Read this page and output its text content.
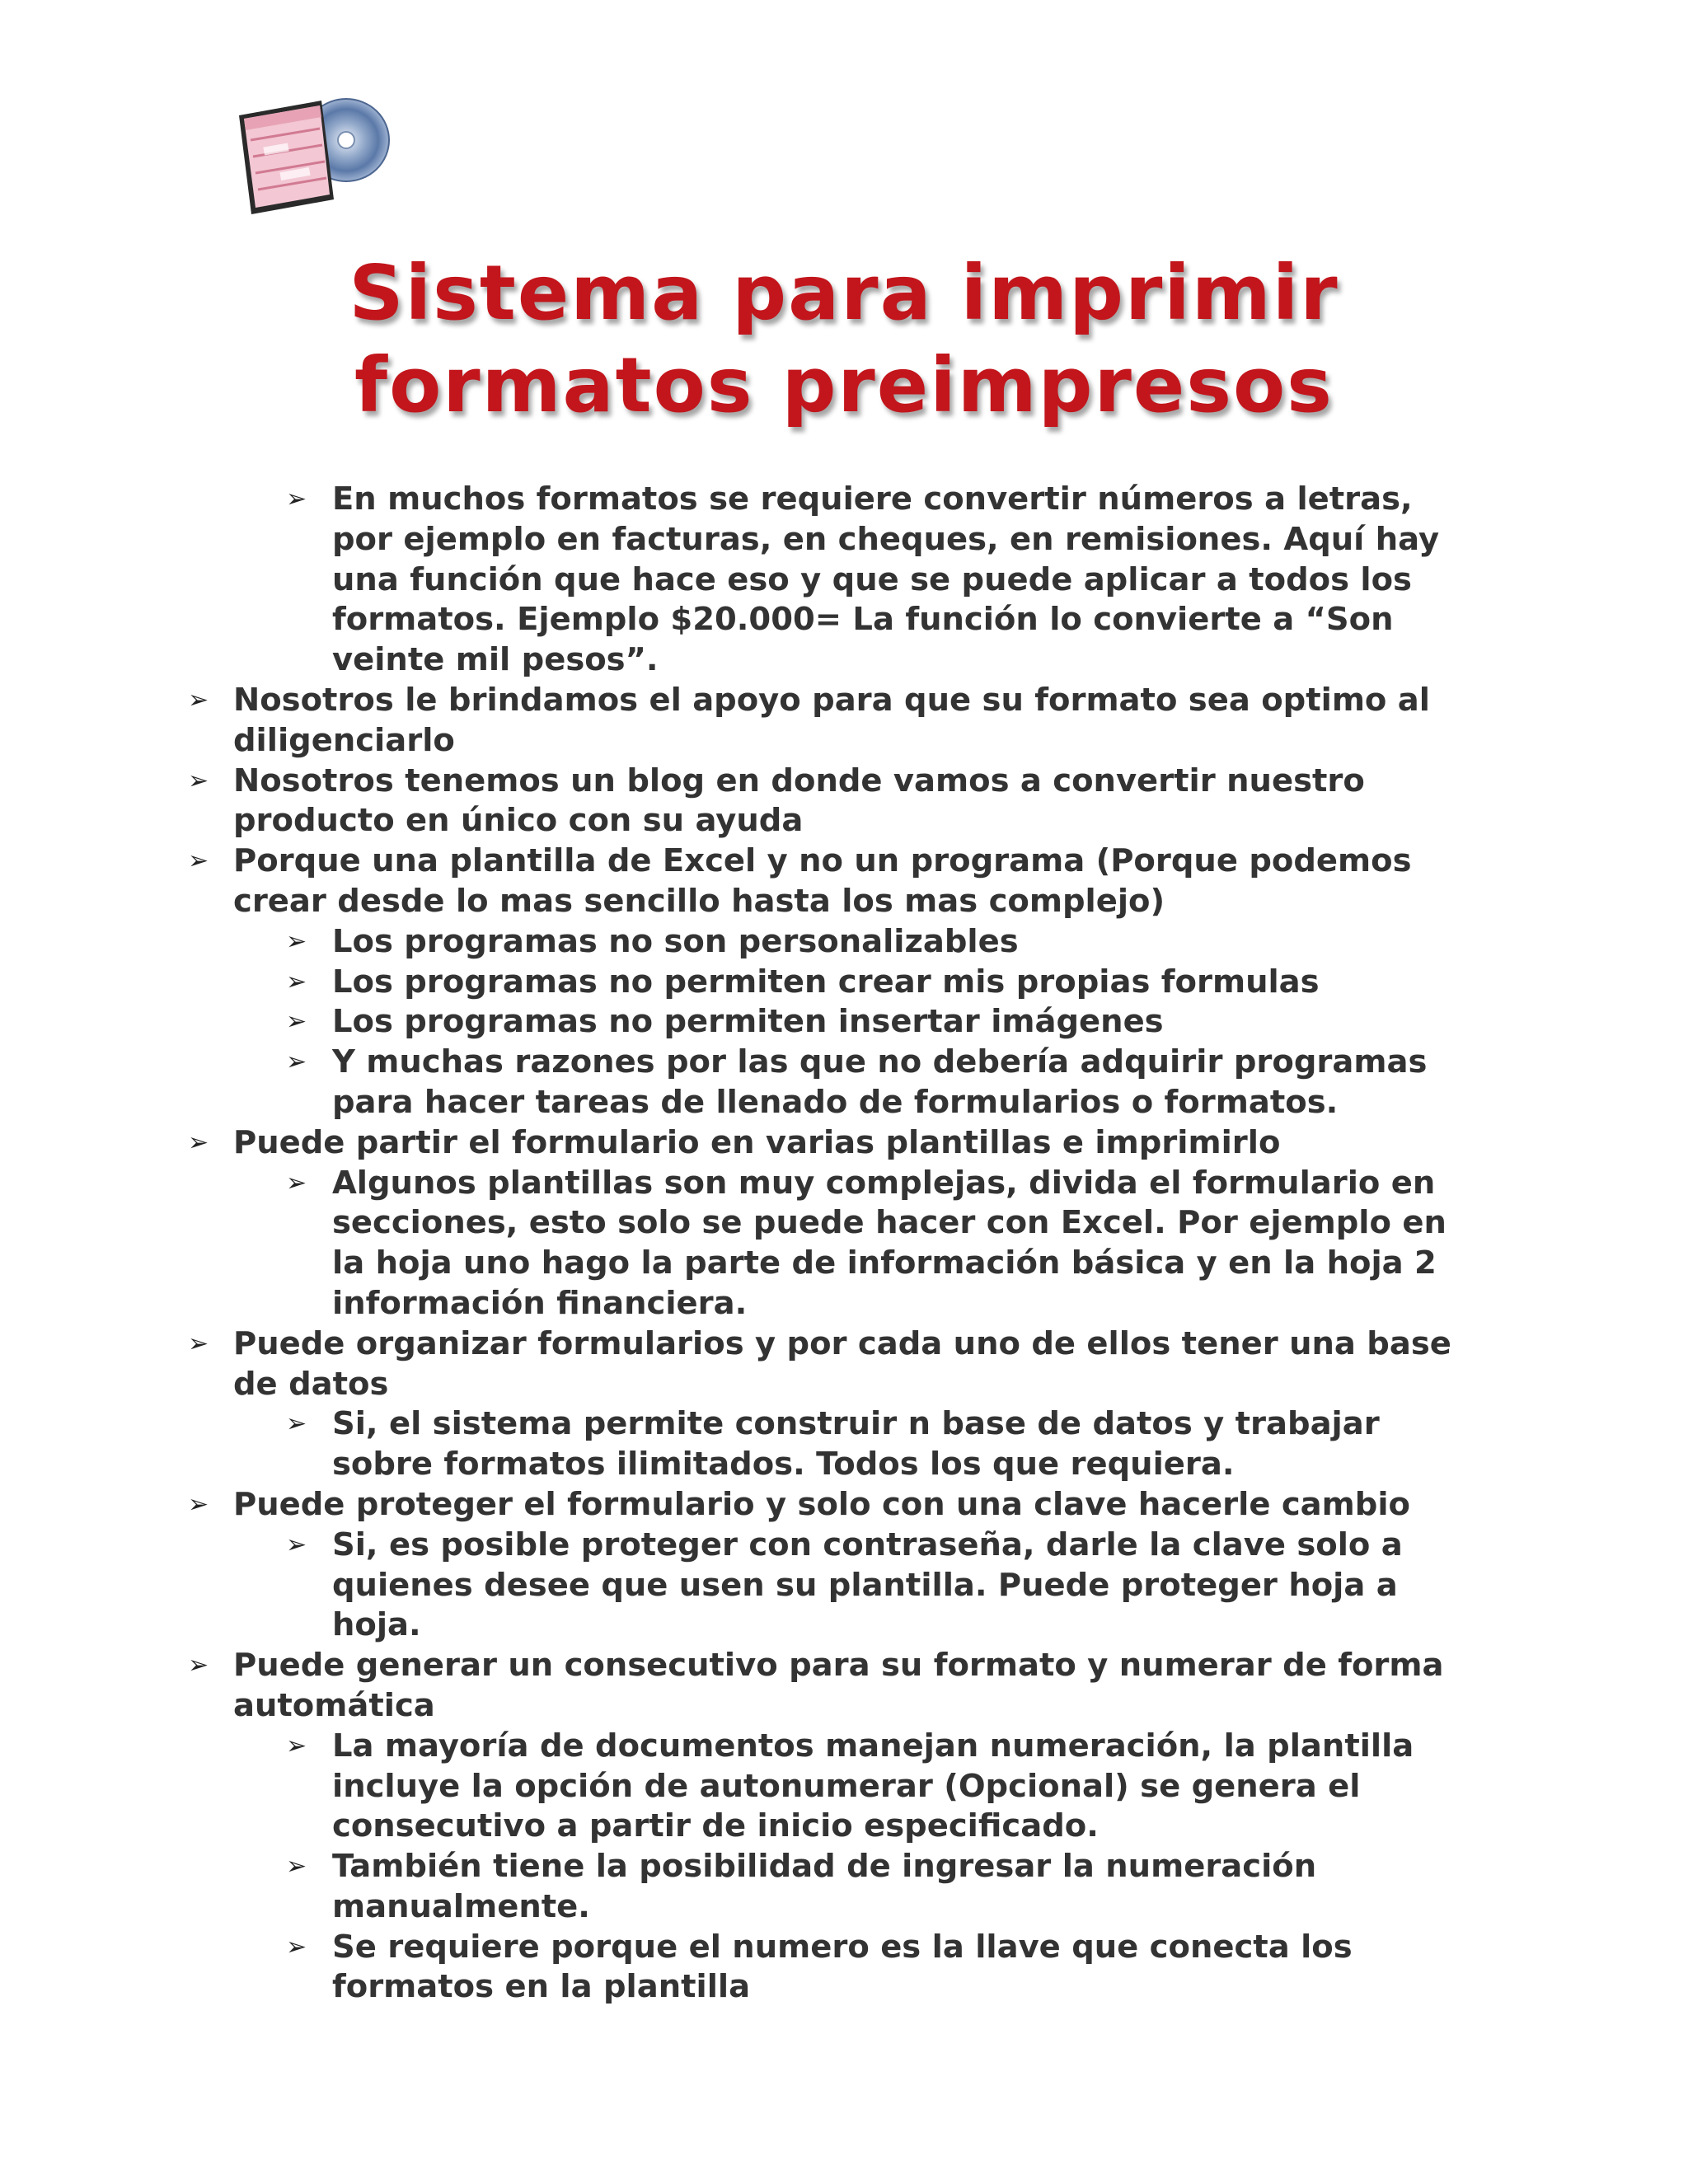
Sistema para imprimir
formatos preimpresos
➢ En muchos formatos se requiere convertir números a letras, por ejemplo en facturas, en cheques, en remisiones. Aquí hay una función que hace eso y que se puede aplicar a todos los formatos. Ejemplo $20.000= La función lo convierte a “Son veinte mil pesos”.
➢ Nosotros le brindamos el apoyo para que su formato sea optimo al diligenciarlo
➢ Nosotros tenemos un blog en donde vamos a convertir nuestro producto en único con su ayuda
➢ Porque una plantilla de Excel y no un programa (Porque podemos crear desde lo mas sencillo hasta los mas complejo)
➢ Los programas no son personalizables
➢ Los programas no permiten crear mis propias formulas
➢ Los programas no permiten insertar imágenes
➢ Y muchas razones por las que no debería adquirir programas para hacer tareas de llenado de formularios o formatos.
➢ Puede partir el formulario en varias plantillas e imprimirlo
➢ Algunos plantillas son muy complejas, divida el formulario en secciones, esto solo se puede hacer con Excel. Por ejemplo en la hoja uno hago la parte de información básica y en la hoja 2 información financiera.
➢ Puede organizar formularios y por cada uno de ellos tener una base de datos
➢ Si, el sistema permite construir n base de datos y trabajar sobre formatos ilimitados. Todos los que requiera.
➢ Puede proteger el formulario y solo con una clave hacerle cambio
➢ Si, es posible proteger con contraseña, darle la clave solo a quienes desee que usen su plantilla. Puede proteger hoja a hoja.
➢ Puede generar un consecutivo para su formato y numerar de forma automática
➢ La mayoría de documentos manejan numeración, la plantilla incluye la opción de autonumerar (Opcional) se genera el consecutivo a partir de inicio especificado.
➢ También tiene la posibilidad de ingresar la numeración manualmente.
➢ Se requiere porque el numero es la llave que conecta los formatos en la plantilla
